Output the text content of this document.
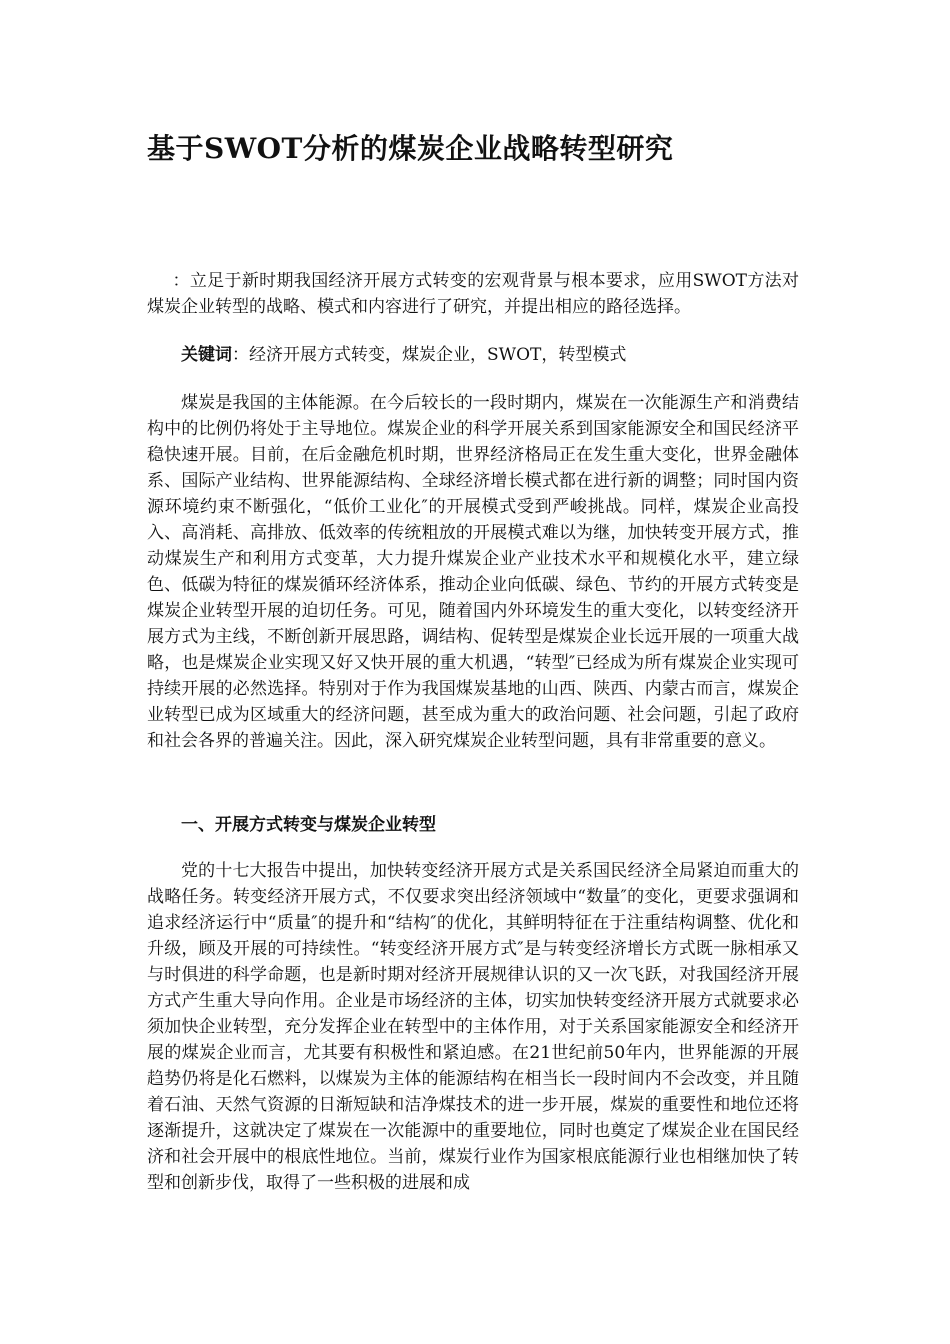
基于SWOT分析的煤炭企业战略转型研究

：立足于新时期我国经济开展方式转变的宏观背景与根本要求，应用SWOT方法对煤炭企业转型的战略、模式和内容进行了研究，并提出相应的路径选择。

关键词：经济开展方式转变，煤炭企业，SWOT，转型模式

煤炭是我国的主体能源。在今后较长的一段时期内，煤炭在一次能源生产和消费结构中的比例仍将处于主导地位。煤炭企业的科学开展关系到国家能源安全和国民经济平稳快速开展。目前，在后金融危机时期，世界经济格局正在发生重大变化，世界金融体系、国际产业结构、世界能源结构、全球经济增长模式都在进行新的调整；同时国内资源环境约束不断强化，“低价工业化″的开展模式受到严峻挑战。同样，煤炭企业高投入、高消耗、高排放、低效率的传统粗放的开展模式难以为继，加快转变开展方式，推动煤炭生产和利用方式变革，大力提升煤炭企业产业技术水平和规模化水平，建立绿色、低碳为特征的煤炭循环经济体系，推动企业向低碳、绿色、节约的开展方式转变是煤炭企业转型开展的迫切任务。可见，随着国内外环境发生的重大变化，以转变经济开展方式为主线，不断创新开展思路，调结构、促转型是煤炭企业长远开展的一项重大战略，也是煤炭企业实现又好又快开展的重大机遇，“转型″已经成为所有煤炭企业实现可持续开展的必然选择。特别对于作为我国煤炭基地的山西、陕西、内蒙古而言，煤炭企业转型已成为区域重大的经济问题，甚至成为重大的政治问题、社会问题，引起了政府和社会各界的普遍关注。因此，深入研究煤炭企业转型问题，具有非常重要的意义。

一、开展方式转变与煤炭企业转型

党的十七大报告中提出，加快转变经济开展方式是关系国民经济全局紧迫而重大的战略任务。转变经济开展方式，不仅要求突出经济领域中“数量″的变化，更要求强调和追求经济运行中“质量″的提升和“结构″的优化，其鲜明特征在于注重结构调整、优化和升级，顾及开展的可持续性。“转变经济开展方式″是与转变经济增长方式既一脉相承又与时俱进的科学命题，也是新时期对经济开展规律认识的又一次飞跃，对我国经济开展方式产生重大导向作用。企业是市场经济的主体，切实加快转变经济开展方式就要求必须加快企业转型，充分发挥企业在转型中的主体作用，对于关系国家能源安全和经济开展的煤炭企业而言，尤其要有积极性和紧迫感。在21世纪前50年内，世界能源的开展趋势仍将是化石燃料，以煤炭为主体的能源结构在相当长一段时间内不会改变，并且随着石油、天然气资源的日渐短缺和洁净煤技术的进一步开展，煤炭的重要性和地位还将逐渐提升，这就决定了煤炭在一次能源中的重要地位，同时也奠定了煤炭企业在国民经济和社会开展中的根底性地位。当前，煤炭行业作为国家根底能源行业也相继加快了转型和创新步伐，取得了一些积极的进展和成
